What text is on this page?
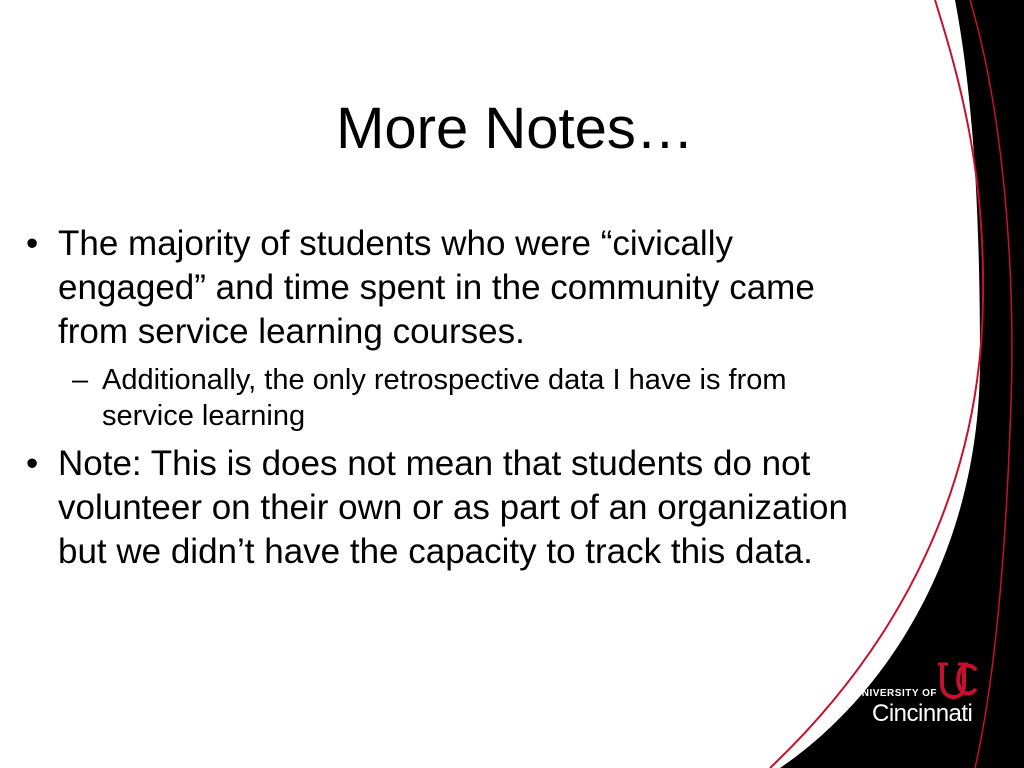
More Notes…
• The majority of students who were “civically engaged” and time spent in the community came from service learning courses.
– Additionally, the only retrospective data I have is from service learning
• Note: This is does not mean that students do not volunteer on their own or as part of an organization but we didn’t have the capacity to track this data.
UNIVERSITY OF
Cincinnati
